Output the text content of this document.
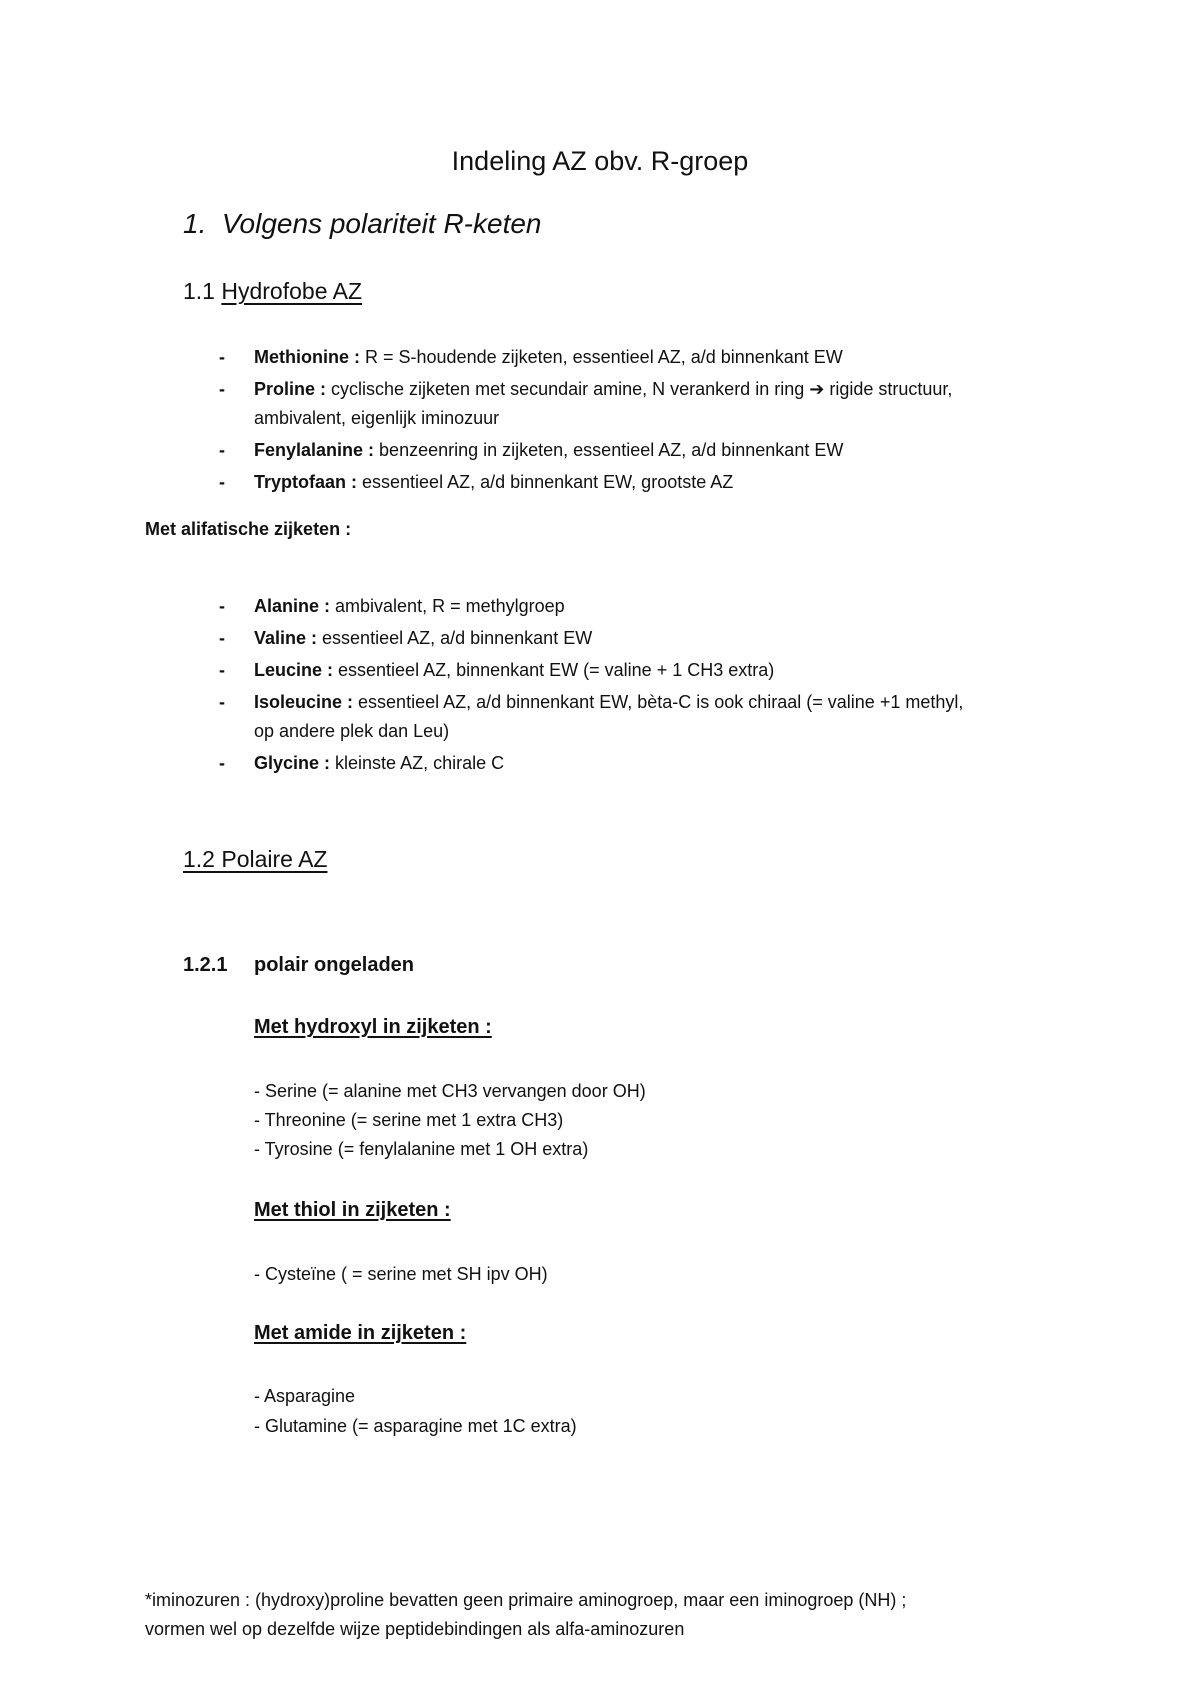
Indeling AZ obv. R-groep
1. Volgens polariteit R-keten
1.1 Hydrofobe AZ
- Methionine : R = S-houdende zijketen, essentieel AZ, a/d binnenkant EW
- Proline : cyclische zijketen met secundair amine, N verankerd in ring ➔ rigide structuur,
ambivalent, eigenlijk iminozuur
- Fenylalanine : benzeenring in zijketen, essentieel AZ, a/d binnenkant EW
- Tryptofaan : essentieel AZ, a/d binnenkant EW, grootste AZ
Met alifatische zijketen :
- Alanine : ambivalent, R = methylgroep
- Valine : essentieel AZ, a/d binnenkant EW
- Leucine : essentieel AZ, binnenkant EW (= valine + 1 CH3 extra)
- Isoleucine : essentieel AZ, a/d binnenkant EW, bèta-C is ook chiraal (= valine +1 methyl,
op andere plek dan Leu)
- Glycine : kleinste AZ, chirale C
1.2 Polaire AZ
1.2.1 polair ongeladen
Met hydroxyl in zijketen :
- Serine (= alanine met CH3 vervangen door OH)
- Threonine (= serine met 1 extra CH3)
- Tyrosine (= fenylalanine met 1 OH extra)
Met thiol in zijketen :
- Cysteïne ( = serine met SH ipv OH)
Met amide in zijketen :
- Asparagine
- Glutamine (= asparagine met 1C extra)
*iminozuren : (hydroxy)proline bevatten geen primaire aminogroep, maar een iminogroep (NH) ;
vormen wel op dezelfde wijze peptidebindingen als alfa-aminozuren
